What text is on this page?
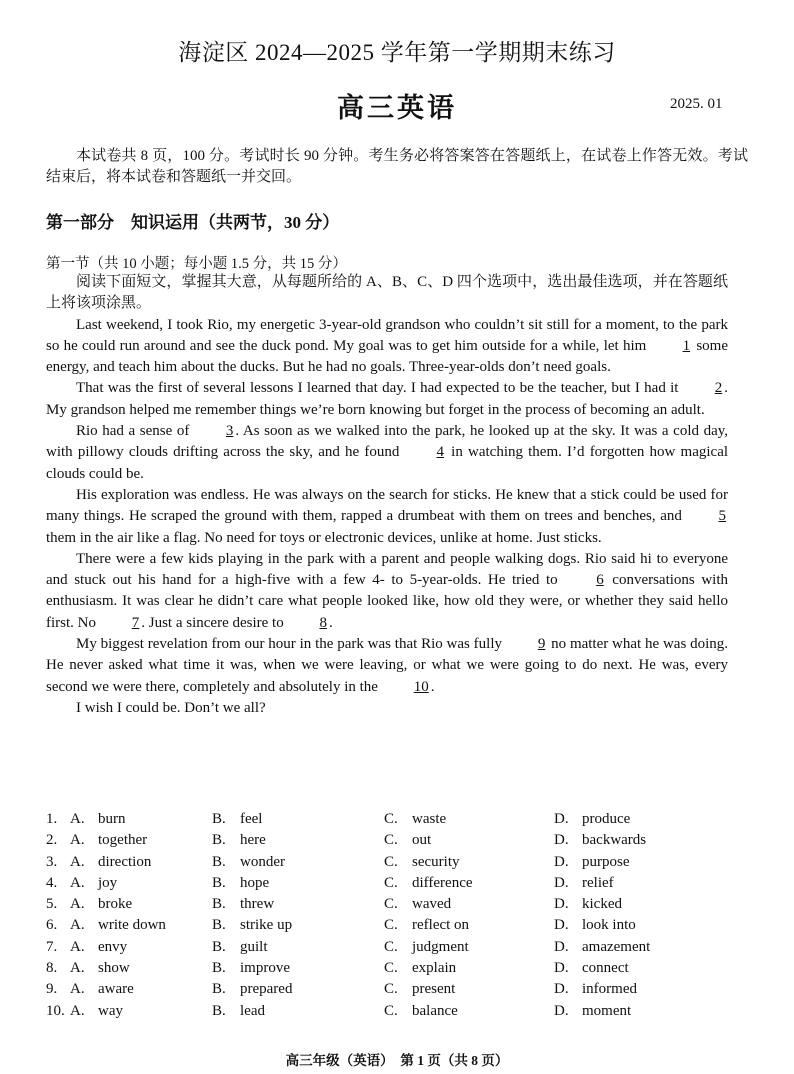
海淀区 2024—2025 学年第一学期期末练习
高三英语	2025. 01
本试卷共 8 页，100 分。考试时长 90 分钟。考生务必将答案答在答题纸上，在试卷上作答无效。考试结束后，将本试卷和答题纸一并交回。
第一部分　知识运用（共两节，30 分）
第一节（共 10 小题；每小题 1.5 分，共 15 分）

阅读下面短文，掌握其大意，从每题所给的 A、B、C、D 四个选项中，选出最佳选项，并在答题纸上将该项涂黑。

Last weekend, I took Rio, my energetic 3-year-old grandson who couldn’t sit still for a moment, to the park so he could run around and see the duck pond. My goal was to get him outside for a while, let him 1 some energy, and teach him about the ducks. But he had no goals. Three-year-olds don’t need goals.

That was the first of several lessons I learned that day. I had expected to be the teacher, but I had it 2 . My grandson helped me remember things we’re born knowing but forget in the process of becoming an adult.

Rio had a sense of 3 . As soon as we walked into the park, he looked up at the sky. It was a cold day, with pillowy clouds drifting across the sky, and he found 4 in watching them. I’d forgotten how magical clouds could be.

His exploration was endless. He was always on the search for sticks. He knew that a stick could be used for many things. He scraped the ground with them, rapped a drumbeat with them on trees and benches, and 5 them in the air like a flag. No need for toys or electronic devices, unlike at home. Just sticks.

There were a few kids playing in the park with a parent and people walking dogs. Rio said hi to everyone and stuck out his hand for a high-five with a few 4- to 5-year-olds. He tried to	6 conversations with enthusiasm. It was clear he didn’t care what people looked like, how old they were, or whether they said hello first. No 7 . Just a sincere desire to 8 .

My biggest revelation from our hour in the park was that Rio was fully 9 no matter what he was doing. He never asked what time it was, when we were leaving, or what we were going to do next. He was, every second we were there, completely and absolutely in the 10 .

I wish I could be. Don’t we all?

1. A. burn	B. feel	C. waste	D. produce
2. A. together	B. here	C. out	D. backwards
3. A. direction	B. wonder	C. security	D. purpose
4. A. joy	B. hope	C. difference	D. relief
5. A. broke	B. threw	C. waved	D. kicked
6. A. write down	B. strike up	C. reflect on	D. look into
7. A. envy	B. guilt	C. judgment	D. amazement
8. A. show	B. improve	C. explain	D. connect
9. A. aware	B. prepared	C. present	D. informed
10. A. way	B. lead	C. balance	D. moment
高三年级（英语）　第 1 页（共 8 页）
